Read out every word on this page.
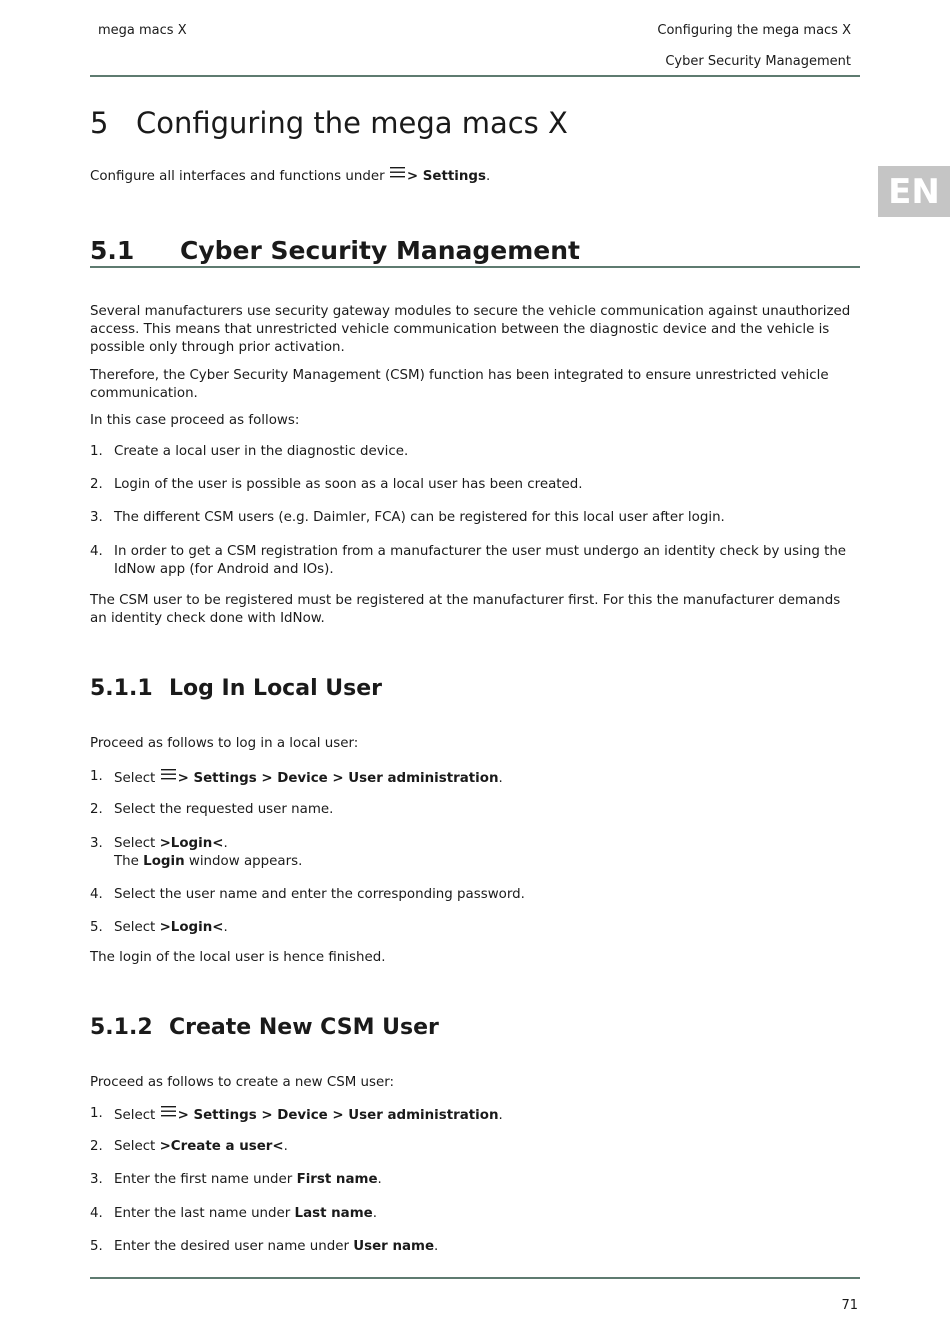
mega macs X	Configuring the mega macs X
Cyber Security Management
EN
5 Configuring the mega macs X

Configure all interfaces and functions under > Settings.

5.1 Cyber Security Management

Several manufacturers use security gateway modules to secure the vehicle communication against unauthorized access. This means that unrestricted vehicle communication between the diagnostic device and the vehicle is possible only through prior activation.

Therefore, the Cyber Security Management (CSM) function has been integrated to ensure unrestricted vehicle communication.

In this case proceed as follows:

1. Create a local user in the diagnostic device.
2. Login of the user is possible as soon as a local user has been created.
3. The different CSM users (e.g. Daimler, FCA) can be registered for this local user after login.
4. In order to get a CSM registration from a manufacturer the user must undergo an identity check by using the IdNow app (for Android and IOs).

The CSM user to be registered must be registered at the manufacturer first. For this the manufacturer demands an identity check done with IdNow.

5.1.1 Log In Local User

Proceed as follows to log in a local user:

1. Select > Settings > Device > User administration.
2. Select the requested user name.
3. Select >Login<.
The Login window appears.
4. Select the user name and enter the corresponding password.
5. Select >Login<.

The login of the local user is hence finished.

5.1.2 Create New CSM User

Proceed as follows to create a new CSM user:

1. Select > Settings > Device > User administration.
2. Select >Create a user<.
3. Enter the first name under First name.
4. Enter the last name under Last name.
5. Enter the desired user name under User name.
71
